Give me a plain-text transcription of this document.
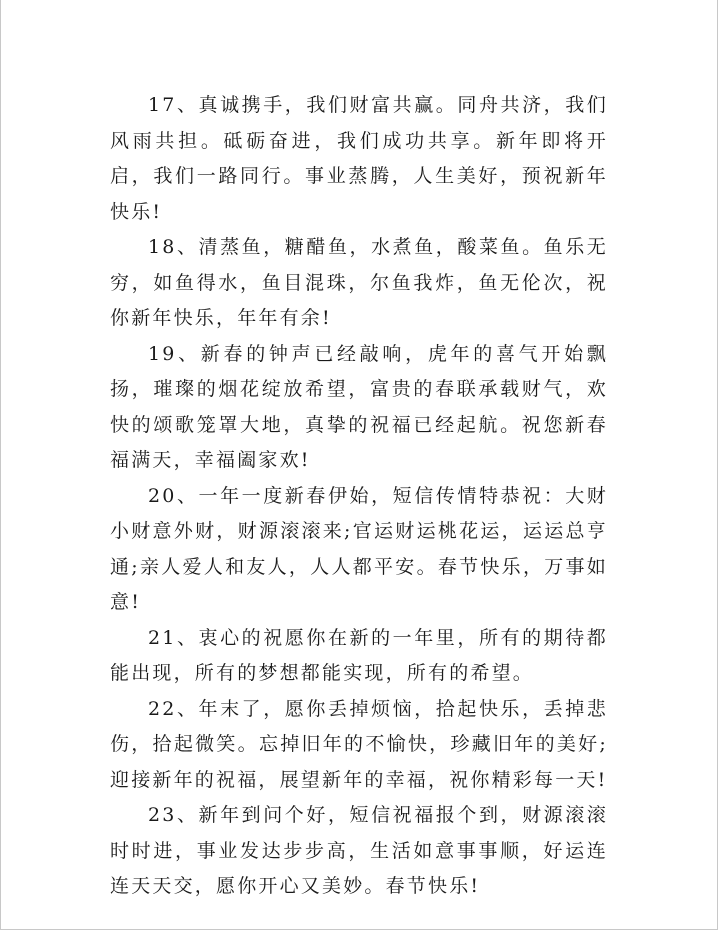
17、真诚携手，我们财富共赢。同舟共济，我们风雨共担。砥砺奋进，我们成功共享。新年即将开启，我们一路同行。事业蒸腾，人生美好，预祝新年快乐!

18、清蒸鱼，糖醋鱼，水煮鱼，酸菜鱼。鱼乐无穷，如鱼得水，鱼目混珠，尔鱼我炸，鱼无伦次，祝你新年快乐，年年有余!

19、新春的钟声已经敲响，虎年的喜气开始飘扬，璀璨的烟花绽放希望，富贵的春联承载财气，欢快的颂歌笼罩大地，真挚的祝福已经起航。祝您新春福满天，幸福阖家欢!

20、一年一度新春伊始，短信传情特恭祝：大财小财意外财，财源滚滚来;官运财运桃花运，运运总亨通;亲人爱人和友人，人人都平安。春节快乐，万事如意!

21、衷心的祝愿你在新的一年里，所有的期待都能出现，所有的梦想都能实现，所有的希望。

22、年末了，愿你丢掉烦恼，拾起快乐，丢掉悲伤，拾起微笑。忘掉旧年的不愉快，珍藏旧年的美好;迎接新年的祝福，展望新年的幸福，祝你精彩每一天!

23、新年到问个好，短信祝福报个到，财源滚滚时时进，事业发达步步高，生活如意事事顺，好运连连天天交，愿你开心又美妙。春节快乐!
